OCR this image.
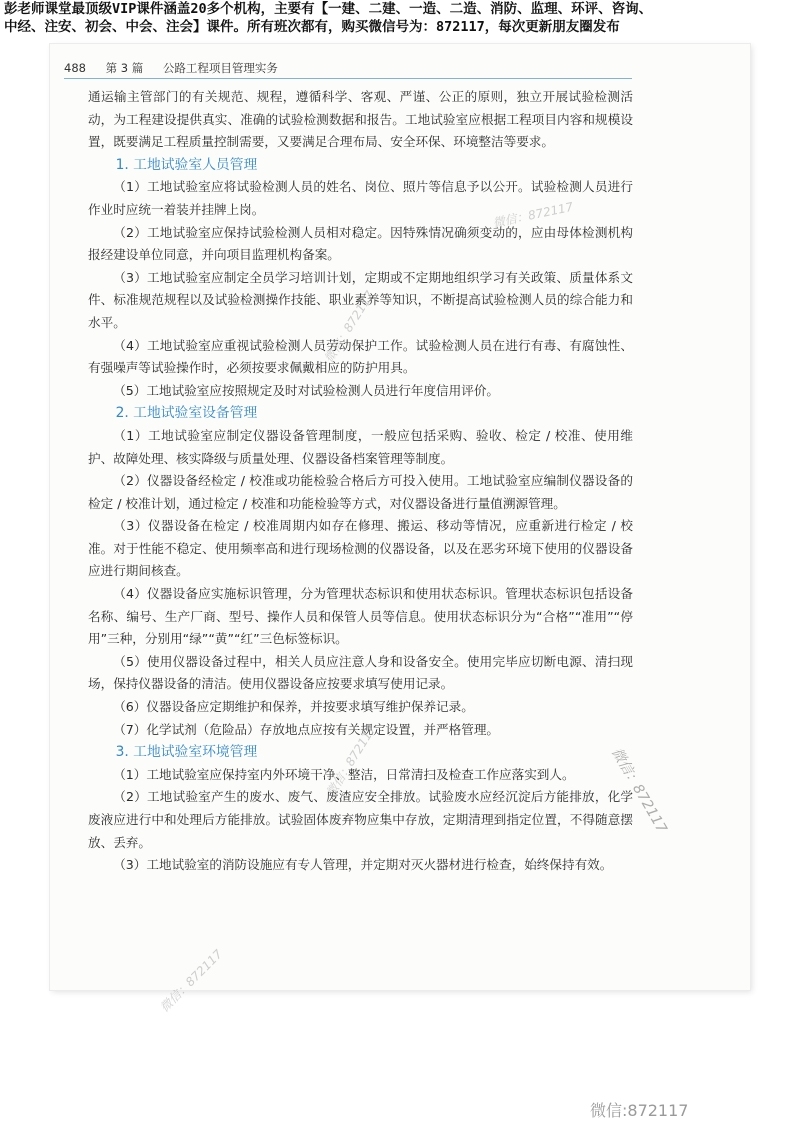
彭老师课堂最顶级VIP课件涵盖20多个机构，主要有【一建、二建、一造、二造、消防、监理、环评、咨询、
中经、注安、初会、中会、注会】课件。所有班次都有，购买微信号为：872117，每次更新朋友圈发布
488 第 3 篇 公路工程项目管理实务

通运输主管部门的有关规范、规程，遵循科学、客观、严谨、公正的原则，独立开展试验检测活动，为工程建设提供真实、准确的试验检测数据和报告。工地试验室应根据工程项目内容和规模设置，既要满足工程质量控制需要，又要满足合理布局、安全环保、环境整洁等要求。

1. 工地试验室人员管理

（1）工地试验室应将试验检测人员的姓名、岗位、照片等信息予以公开。试验检测人员进行作业时应统一着装并挂牌上岗。

（2）工地试验室应保持试验检测人员相对稳定。因特殊情况确须变动的，应由母体检测机构报经建设单位同意，并向项目监理机构备案。

（3）工地试验室应制定全员学习培训计划，定期或不定期地组织学习有关政策、质量体系文件、标准规范规程以及试验检测操作技能、职业素养等知识，不断提高试验检测人员的综合能力和水平。

（4）工地试验室应重视试验检测人员劳动保护工作。试验检测人员在进行有毒、有腐蚀性、有强噪声等试验操作时，必须按要求佩戴相应的防护用具。

（5）工地试验室应按照规定及时对试验检测人员进行年度信用评价。

2. 工地试验室设备管理

（1）工地试验室应制定仪器设备管理制度，一般应包括采购、验收、检定 / 校准、使用维护、故障处理、核实降级与质量处理、仪器设备档案管理等制度。

（2）仪器设备经检定 / 校准或功能检验合格后方可投入使用。工地试验室应编制仪器设备的检定 / 校准计划，通过检定 / 校准和功能检验等方式，对仪器设备进行量值溯源管理。

（3）仪器设备在检定 / 校准周期内如存在修理、搬运、移动等情况，应重新进行检定 / 校准。对于性能不稳定、使用频率高和进行现场检测的仪器设备，以及在恶劣环境下使用的仪器设备应进行期间核查。

（4）仪器设备应实施标识管理，分为管理状态标识和使用状态标识。管理状态标识包括设备名称、编号、生产厂商、型号、操作人员和保管人员等信息。使用状态标识分为“合格”“准用”“停用”三种，分别用“绿”“黄”“红”三色标签标识。

（5）使用仪器设备过程中，相关人员应注意人身和设备安全。使用完毕应切断电源、清扫现场，保持仪器设备的清洁。使用仪器设备应按要求填写使用记录。

（6）仪器设备应定期维护和保养，并按要求填写维护保养记录。

（7）化学试剂（危险品）存放地点应按有关规定设置，并严格管理。

3. 工地试验室环境管理

（1）工地试验室应保持室内外环境干净、整洁，日常清扫及检查工作应落实到人。

（2）工地试验室产生的废水、废气、废渣应安全排放。试验废水应经沉淀后方能排放，化学废液应进行中和处理后方能排放。试验固体废弃物应集中存放，定期清理到指定位置，不得随意摆放、丢弃。

（3）工地试验室的消防设施应有专人管理，并定期对灭火器材进行检查，始终保持有效。

微信：872117
微信：872117
微信：872117	微信：872117
微信：872117
微信:872117
